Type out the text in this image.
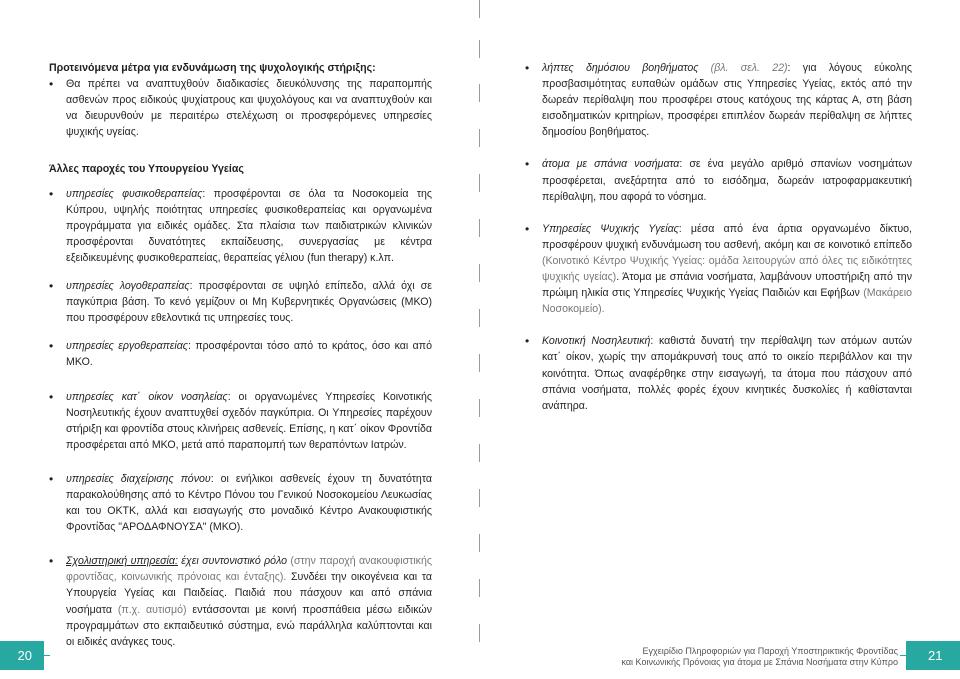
Προτεινόμενα μέτρα για ενδυνάμωση της ψυχολογικής στήριξης:

• Θα πρέπει να αναπτυχθούν διαδικασίες διευκόλυνσης της παραπομπής ασθενών προς ειδικούς ψυχίατρους και ψυχολόγους και να αναπτυχθούν και να διευρυνθούν με περαιτέρω στελέχωση οι προσφερόμενες υπηρεσίες ψυχικής υγείας.

Άλλες παροχές του Υπουργείου Υγείας

• υπηρεσίες φυσικοθεραπείας: προσφέρονται σε όλα τα Νοσοκομεία της Κύπρου, υψηλής ποιότητας υπηρεσίες φυσικοθεραπείας και οργανωμένα προγράμματα για ειδικές ομάδες. Στα πλαίσια των παιδιατρικών κλινικών προσφέρονται δυνατότητες εκπαίδευσης, συνεργασίας με κέντρα εξειδικευμένης φυσικοθεραπείας, θεραπείας γέλιου (fun therapy) κ.λπ.
• υπηρεσίες λογοθεραπείας: προσφέρονται σε υψηλό επίπεδο, αλλά όχι σε παγκύπρια βάση. Το κενό γεμίζουν οι Μη Κυβερνητικές Οργανώσεις (ΜΚΟ) που προσφέρουν εθελοντικά τις υπηρεσίες τους.
• υπηρεσίες εργοθεραπείας: προσφέρονται τόσο από το κράτος, όσο και από ΜΚΟ.
• υπηρεσίες κατ΄ οίκον νοσηλείας: οι οργανωμένες Υπηρεσίες Κοινοτικής Νοσηλευτικής έχουν αναπτυχθεί σχεδόν παγκύπρια. Οι Υπηρεσίες παρέχουν στήριξη και φροντίδα στους κλινήρεις ασθενείς. Επίσης, η κατ΄ οίκον Φροντίδα προσφέρεται από ΜΚΟ, μετά από παραπομπή των θεραπόντων Ιατρών.
• υπηρεσίες διαχείρισης πόνου: οι ενήλικοι ασθενείς έχουν τη δυνατότητα παρακολούθησης από το Κέντρο Πόνου του Γενικού Νοσοκομείου Λευκωσίας και του ΟΚΤΚ, αλλά και εισαγωγής στο μοναδικό Κέντρο Ανακουφιστικής Φροντίδας "ΑΡΟΔΑΦΝΟΥΣΑ" (ΜΚΟ).
• Σχολιστηρική υπηρεσία: έχει συντονιστικό ρόλο (στην παροχή ανακουφιστικής φροντίδας, κοινωνικής πρόνοιας και ένταξης). Συνδέει την οικογένεια και τα Υπουργεία Υγείας και Παιδείας. Παιδιά που πάσχουν και από σπάνια νοσήματα (π.χ. αυτισμό) εντάσσονται με κοινή προσπάθεια μέσω ειδικών προγραμμάτων στο εκπαιδευτικό σύστημα, ενώ παράλληλα καλύπτονται και οι ειδικές ανάγκες τους.
• λήπτες δημόσιου βοηθήματος (βλ. σελ. 22): για λόγους εύκολης προσβασιμότητας ευπαθών ομάδων στις Υπηρεσίες Υγείας, εκτός από την δωρεάν περίθαλψη που προσφέρει στους κατόχους της κάρτας Α, στη βάση εισοδηματικών κριτηρίων, προσφέρει επιπλέον δωρεάν περίθαλψη σε λήπτες δημοσίου βοηθήματος.
• άτομα με σπάνια νοσήματα: σε ένα μεγάλο αριθμό σπανίων νοσημάτων προσφέρεται, ανεξάρτητα από το εισόδημα, δωρεάν ιατροφαρμακευτική περίθαλψη, που αφορά το νόσημα.
• Υπηρεσίες Ψυχικής Υγείας: μέσα από ένα άρτια οργανωμένο δίκτυο, προσφέρουν ψυχική ενδυνάμωση του ασθενή, ακόμη και σε κοινοτικό επίπεδο (Κοινοτικό Κέντρο Ψυχικής Υγείας: ομάδα λειτουργών από όλες τις ειδικότητες ψυχικής υγείας). Άτομα με σπάνια νοσήματα, λαμβάνουν υποστήριξη από την πρώιμη ηλικία στις Υπηρεσίες Ψυχικής Υγείας Παιδιών και Εφήβων (Μακάρειο Νοσοκομείο).
• Κοινοτική Νοσηλευτική: καθιστά δυνατή την περίθαλψη των ατόμων αυτών κατ΄ οίκον, χωρίς την απομάκρυνσή τους από το οικείο περιβάλλον και την κοινότητα. Όπως αναφέρθηκε στην εισαγωγή, τα άτομα που πάσχουν από σπάνια νοσήματα, πολλές φορές έχουν κινητικές δυσκολίες ή καθίστανται ανάπηρα.
20	Εγχειρίδιο Πληροφοριών για Παροχή Υποστηρικτικής Φροντίδας
και Κοινωνικής Πρόνοιας για άτομα με Σπάνια Νοσήματα στην Κύπρο	21
